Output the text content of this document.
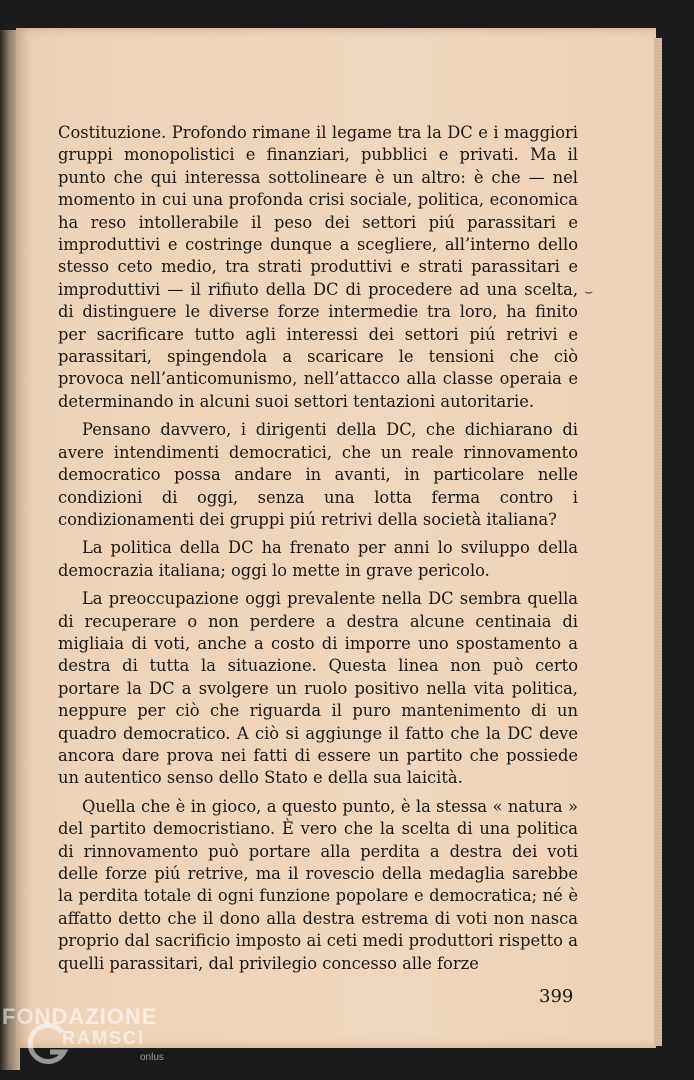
Costituzione. Profondo rimane il legame tra la DC e i maggiori gruppi monopolistici e finanziari, pubblici e privati. Ma il punto che qui interessa sottolineare è un altro: è che — nel momento in cui una profonda crisi sociale, politica, economica ha reso intollerabile il peso dei settori piú parassitari e improduttivi e costringe dunque a scegliere, all’interno dello stesso ceto medio, tra strati produttivi e strati parassitari e improduttivi — il rifiuto della DC di procedere ad una scelta, di distinguere le diverse forze intermedie tra loro, ha finito per sacrificare tutto agli interessi dei settori piú retrivi e parassitari, spingendola a scaricare le tensioni che ciò provoca nell’anticomunismo, nell’attacco alla classe operaia e determinando in alcuni suoi settori tentazioni autoritarie.

Pensano davvero, i dirigenti della DC, che dichiarano di avere intendimenti democratici, che un reale rinnovamento democratico possa andare in avanti, in particolare nelle condizioni di oggi, senza una lotta ferma contro i condizionamenti dei gruppi piú retrivi della società italiana?

La politica della DC ha frenato per anni lo sviluppo della democrazia italiana; oggi lo mette in grave pericolo.

La preoccupazione oggi prevalente nella DC sembra quella di recuperare o non perdere a destra alcune centinaia di migliaia di voti, anche a costo di imporre uno spostamento a destra di tutta la situazione. Questa linea non può certo portare la DC a svolgere un ruolo positivo nella vita politica, neppure per ciò che riguarda il puro mantenimento di un quadro democratico. A ciò si aggiunge il fatto che la DC deve ancora dare prova nei fatti di essere un partito che possiede un autentico senso dello Stato e della sua laicità.

Quella che è in gioco, a questo punto, è la stessa « natura » del partito democristiano. È vero che la scelta di una politica di rinnovamento può portare alla perdita a destra dei voti delle forze piú retrive, ma il rovescio della medaglia sarebbe la perdita totale di ogni funzione popolare e democratica; né è affatto detto che il dono alla destra estrema di voti non nasca proprio dal sacrificio imposto ai ceti medi produttori rispetto a quelli parassitari, dal privilegio concesso alle forze

⌣
399
FONDAZIONE
RAMSCI
onlus
